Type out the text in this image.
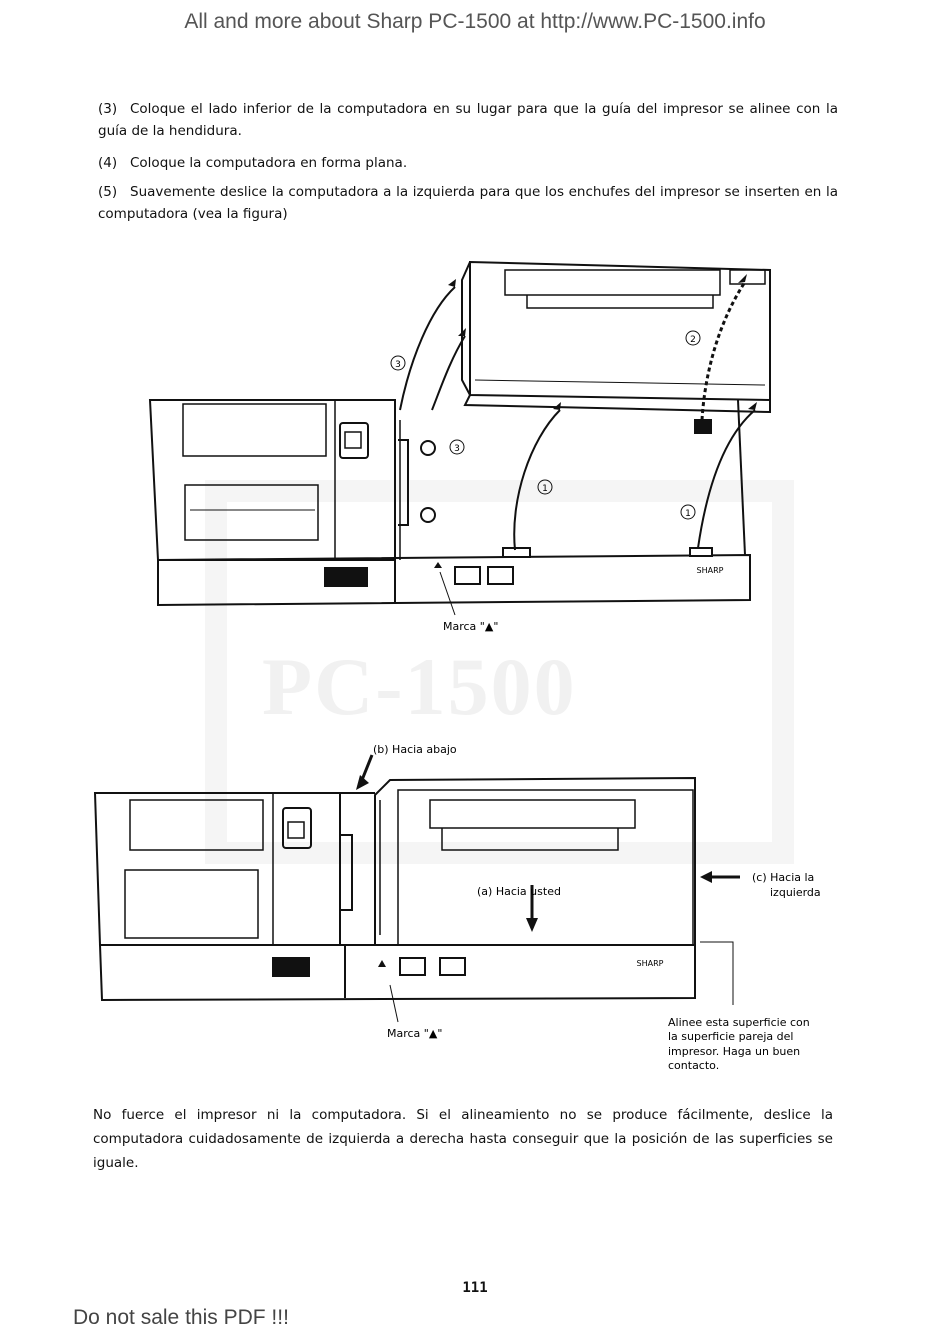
PC-1500
All and more about Sharp PC-1500 at http://www.PC-1500.info
(3) Coloque el lado inferior de la computadora en su lugar para que la guía del impresor se alinee con la guía de la hendidura.
(4) Coloque la computadora en forma plana.
(5) Suavemente deslice la computadora a la izquierda para que los enchufes del impresor se inserten en la computadora (vea la figura)
3
3
1
1
2
SHARP
Marca "▲"
(b) Hacia abajo
(a) Hacia usted
(c) Hacia la
izquierda
SHARP
Marca "▲"
Alinee esta superficie con
la superficie pareja del
impresor. Haga un buen
contacto.
No fuerce el impresor ni la computadora. Si el alineamiento no se produce fácilmente, deslice la computadora cuidadosamente de izquierda a derecha hasta conseguir que la posición de las superficies se iguale.
111
Do not sale this PDF !!!
